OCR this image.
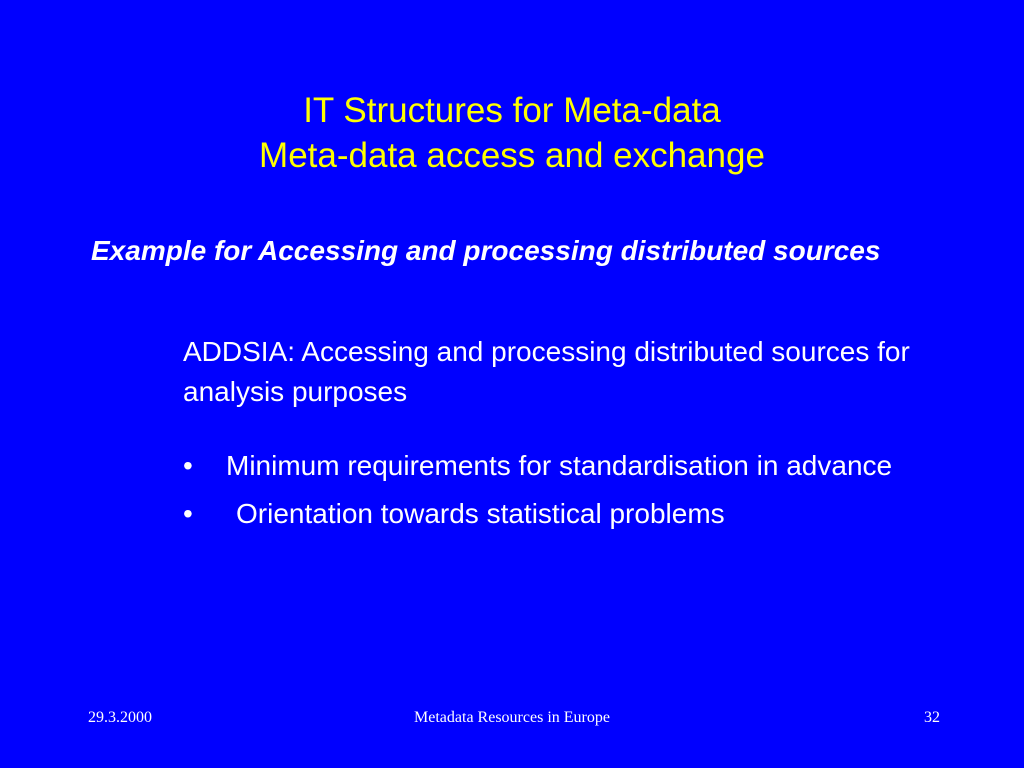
IT Structures for Meta-data
Meta-data access and exchange
Example for Accessing and processing distributed sources
ADDSIA: Accessing and processing distributed sources for analysis purposes
•	Minimum requirements for standardisation in advance
•	Orientation towards statistical problems
29.3.2000	Metadata Resources in Europe	32
